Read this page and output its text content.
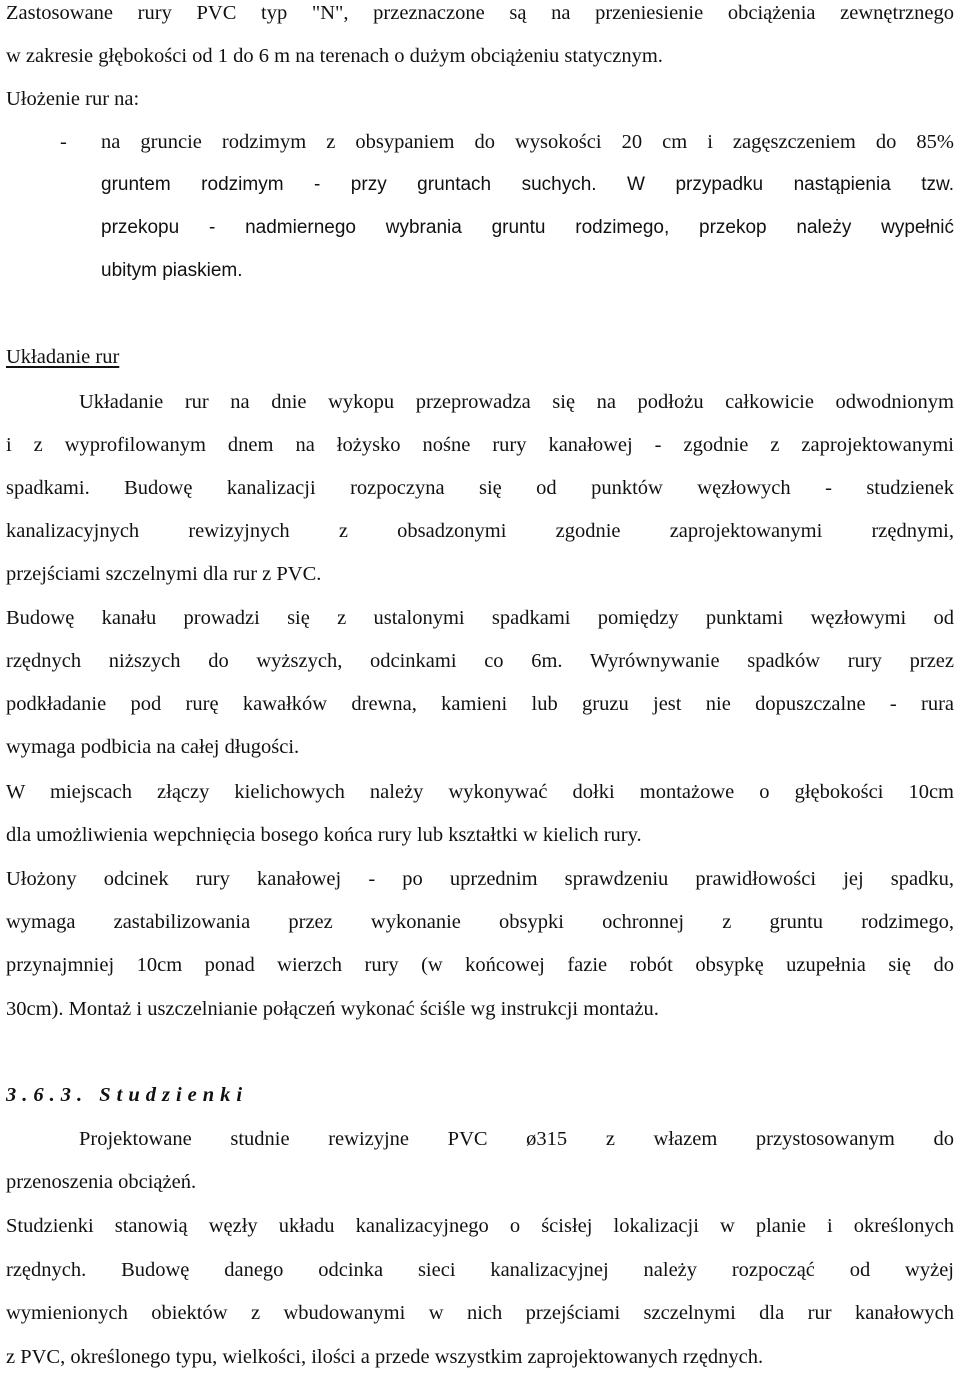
Zastosowane rury PVC typ "N", przeznaczone są na przeniesienie obciążenia zewnętrznego
w zakresie głębokości od 1 do 6 m na terenach o dużym obciążeniu statycznym.
Ułożenie rur na:
- na gruncie rodzimym z obsypaniem do wysokości 20 cm i zagęszczeniem do 85%
gruntem rodzimym - przy gruntach suchych. W przypadku nastąpienia tzw.
przekopu - nadmiernego wybrania gruntu rodzimego, przekop należy wypełnić
ubitym piaskiem.
Układanie rur
Układanie rur na dnie wykopu przeprowadza się na podłożu całkowicie odwodnionym
i z wyprofilowanym dnem na łożysko nośne rury kanałowej - zgodnie z zaprojektowanymi
spadkami. Budowę kanalizacji rozpoczyna się od punktów węzłowych - studzienek
kanalizacyjnych rewizyjnych z obsadzonymi zgodnie zaprojektowanymi rzędnymi,
przejściami szczelnymi dla rur z PVC.
Budowę kanału prowadzi się z ustalonymi spadkami pomiędzy punktami węzłowymi od
rzędnych niższych do wyższych, odcinkami co 6m. Wyrównywanie spadków rury przez
podkładanie pod rurę kawałków drewna, kamieni lub gruzu jest nie dopuszczalne - rura
wymaga podbicia na całej długości.
W miejscach złączy kielichowych należy wykonywać dołki montażowe o głębokości 10cm
dla umożliwienia wepchnięcia bosego końca rury lub kształtki w kielich rury.
Ułożony odcinek rury kanałowej - po uprzednim sprawdzeniu prawidłowości jej spadku,
wymaga zastabilizowania przez wykonanie obsypki ochronnej z gruntu rodzimego,
przynajmniej 10cm ponad wierzch rury (w końcowej fazie robót obsypkę uzupełnia się do
30cm). Montaż i uszczelnianie połączeń wykonać ściśle wg instrukcji montażu.
3.6.3. Studzienki
Projektowane studnie rewizyjne PVC ø315 z włazem przystosowanym do
przenoszenia obciążeń.
Studzienki stanowią węzły układu kanalizacyjnego o ścisłej lokalizacji w planie i określonych
rzędnych. Budowę danego odcinka sieci kanalizacyjnej należy rozpocząć od wyżej
wymienionych obiektów z wbudowanymi w nich przejściami szczelnymi dla rur kanałowych
z PVC, określonego typu, wielkości, ilości a przede wszystkim zaprojektowanych rzędnych.
